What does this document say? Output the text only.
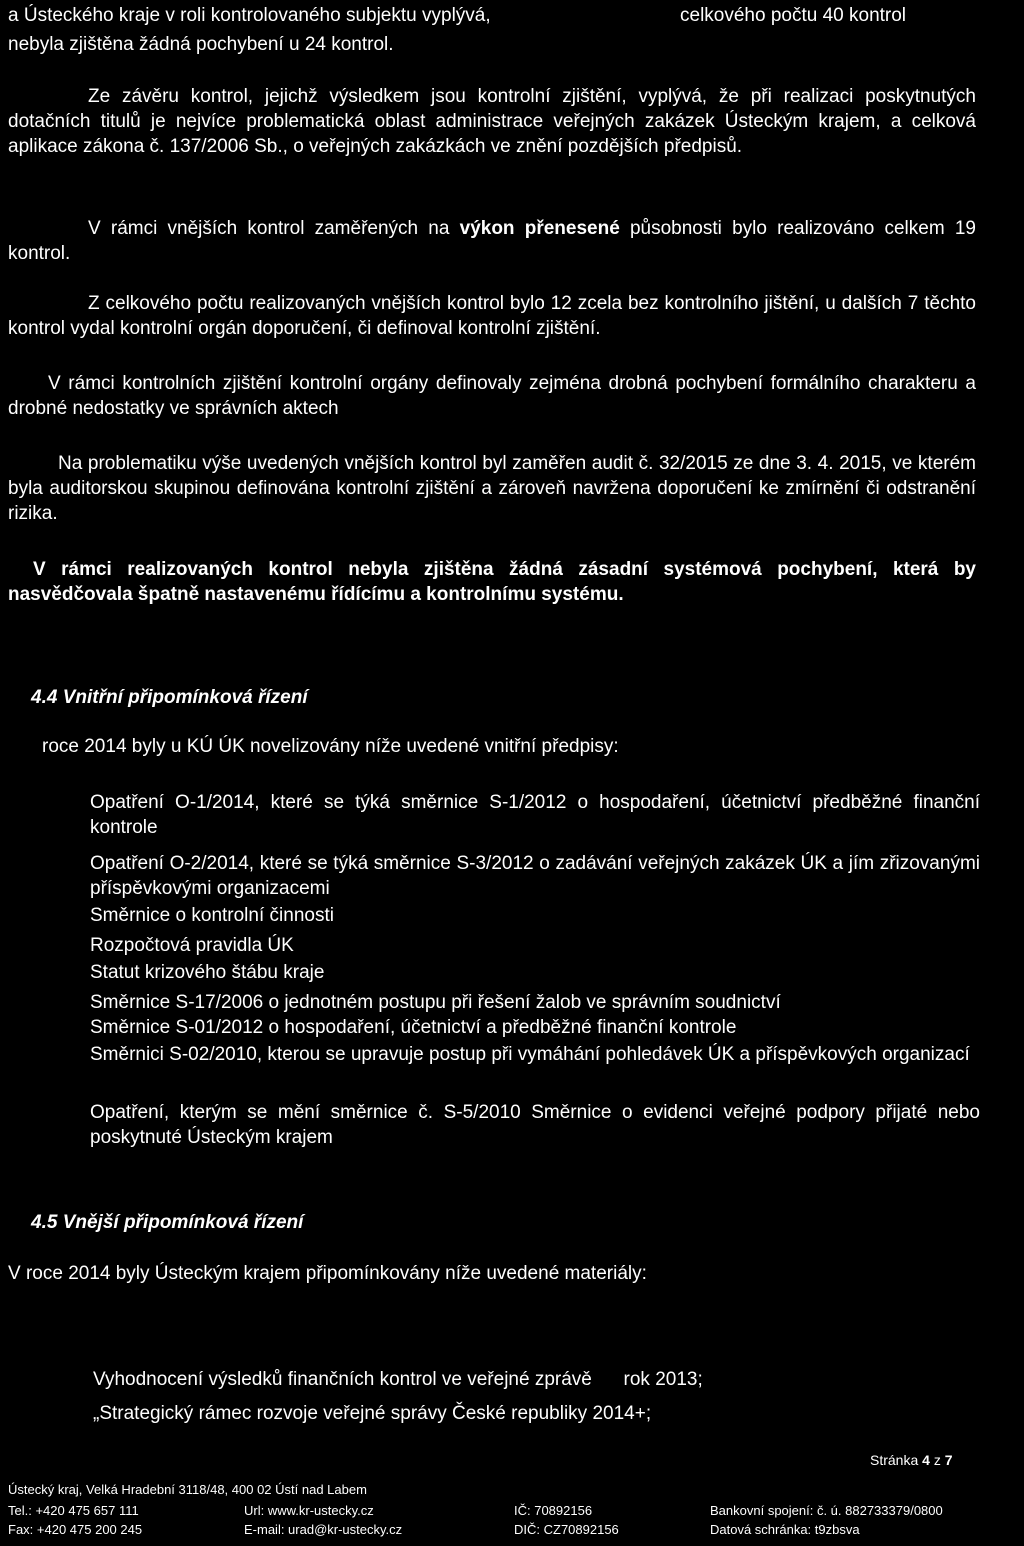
a Ústeckého kraje v roli kontrolovaného subjektu vyplývá,	celkového počtu 40 kontrol
nebyla zjištěna žádná pochybení u 24 kontrol.
Ze závěru kontrol, jejichž výsledkem jsou kontrolní zjištění, vyplývá, že při realizaci poskytnutých dotačních titulů je nejvíce problematická oblast administrace veřejných zakázek Ústeckým krajem, a celková aplikace zákona č. 137/2006 Sb., o veřejných zakázkách ve znění pozdějších předpisů.
V rámci vnějších kontrol zaměřených na výkon přenesené působnosti bylo realizováno celkem 19 kontrol.
Z celkového počtu realizovaných vnějších kontrol bylo 12 zcela bez kontrolního jištění, u dalších 7 těchto kontrol vydal kontrolní orgán doporučení, či definoval kontrolní zjištění.
V rámci kontrolních zjištění kontrolní orgány definovaly zejména drobná pochybení formálního charakteru a drobné nedostatky ve správních aktech
Na problematiku výše uvedených vnějších kontrol byl zaměřen audit č. 32/2015 ze dne 3. 4. 2015, ve kterém byla auditorskou skupinou definována kontrolní zjištění a zároveň navržena doporučení ke zmírnění či odstranění rizika.
V rámci realizovaných kontrol nebyla zjištěna žádná zásadní systémová pochybení, která by nasvědčovala špatně nastavenému řídícímu a kontrolnímu systému.
4.4 Vnitřní připomínková řízení
roce 2014 byly u KÚ ÚK novelizovány níže uvedené vnitřní předpisy:
Opatření O-1/2014, které se týká směrnice S-1/2012 o hospodaření, účetnictví předběžné finanční kontrole
Opatření O-2/2014, které se týká směrnice S-3/2012 o zadávání veřejných zakázek ÚK a jím zřizovanými příspěvkovými organizacemi
Směrnice o kontrolní činnosti
Rozpočtová pravidla ÚK
Statut krizového štábu kraje
Směrnice S-17/2006 o jednotném postupu při řešení žalob ve správním soudnictví
Směrnice S-01/2012 o hospodaření, účetnictví a předběžné finanční kontrole
Směrnici S-02/2010, kterou se upravuje postup při vymáhání pohledávek ÚK a příspěvkových organizací
Opatření, kterým se mění směrnice č. S-5/2010 Směrnice o evidenci veřejné podpory přijaté nebo poskytnuté Ústeckým krajem
4.5 Vnější připomínková řízení
V roce 2014 byly Ústeckým krajem připomínkovány níže uvedené materiály:
Vyhodnocení výsledků finančních kontrol ve veřejné zprávě      rok 2013;
„Strategický rámec rozvoje veřejné správy České republiky 2014+;
Stránka 4 z 7
Ústecký kraj, Velká Hradební 3118/48, 400 02 Ústí nad Labem
Tel.: +420 475 657 111
Fax: +420 475 200 245
Url: www.kr-ustecky.cz
E-mail: urad@kr-ustecky.cz
IČ: 70892156
DIČ: CZ70892156
Bankovní spojení: č. ú. 882733379/0800
Datová schránka: t9zbsva
